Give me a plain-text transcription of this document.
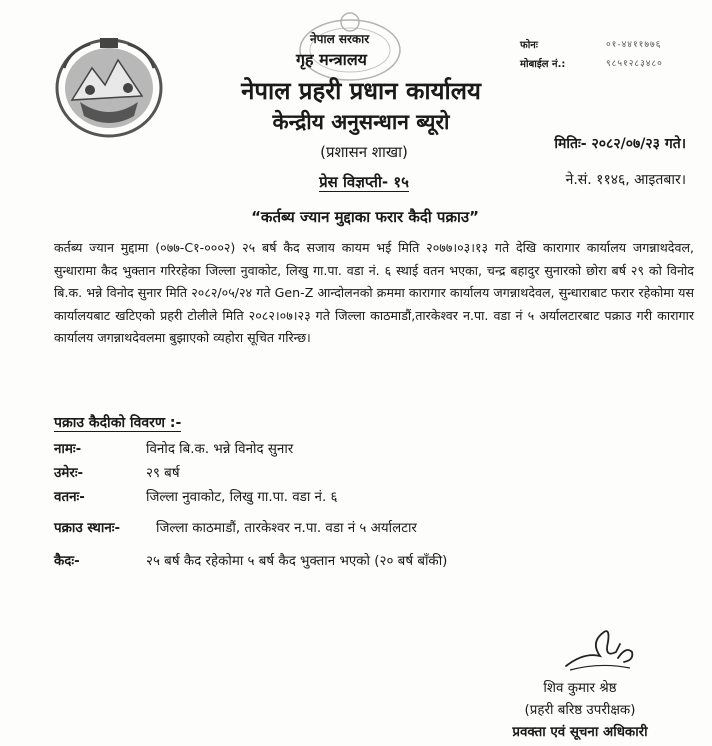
नेपाल सरकार
गृह मन्त्रालय
नेपाल प्रहरी प्रधान कार्यालय
केन्द्रीय अनुसन्धान ब्यूरो
(प्रशासन शाखा)
फोनः	०१-४४११७७६
मोबाईल नं.:	९८५१२८३४८०
मितिः- २०८२/०७/२३ गते।
ने.सं. ११४६, आइतबार।
प्रेस विज्ञप्ती- १५
“कर्तब्य ज्यान मुद्दाका फरार कैदी पक्राउ”
कर्तब्य ज्यान मुद्दामा (०७७-C१-०००२) २५ बर्ष कैद सजाय कायम भई मिति २०७७।०३।१३ गते देखि कारागार कार्यालय जगन्नाथदेवल, सुन्धारामा कैद भुक्तान गरिरहेका जिल्ला नुवाकोट, लिखु गा.पा. वडा नं. ६ स्थाई वतन भएका, चन्द्र बहादुर सुनारको छोरा बर्ष २९ को विनोद बि.क. भन्ने विनोद सुनार मिति २०८२/०५/२४ गते Gen-Z आन्दोलनको क्रममा कारागार कार्यालय जगन्नाथदेवल, सुन्धाराबाट फरार रहेकोमा यस कार्यालयबाट खटिएको प्रहरी टोलीले मिति २०८२।०७।२३ गते जिल्ला काठमाडौं,तारकेश्वर न.पा. वडा नं ५ अर्यालटारबाट पक्राउ गरी कारागार कार्यालय जगन्नाथदेवलमा बुझाएको व्यहोरा सूचित गरिन्छ।
पक्राउ कैदीको विवरण :-
नामः-	विनोद बि.क. भन्ने विनोद सुनार
उमेरः-	२९ बर्ष
वतनः-	जिल्ला नुवाकोट, लिखु गा.पा. वडा नं. ६
पक्राउ स्थानः-	जिल्ला काठमाडौं, तारकेश्वर न.पा. वडा नं ५ अर्यालटार
कैदः-	२५ बर्ष कैद रहेकोमा ५ बर्ष कैद भुक्तान भएको (२० बर्ष बाँकी)
शिव कुमार श्रेष्ठ
(प्रहरी बरिष्ठ उपरीक्षक)
प्रवक्ता एवं सूचना अधिकारी
